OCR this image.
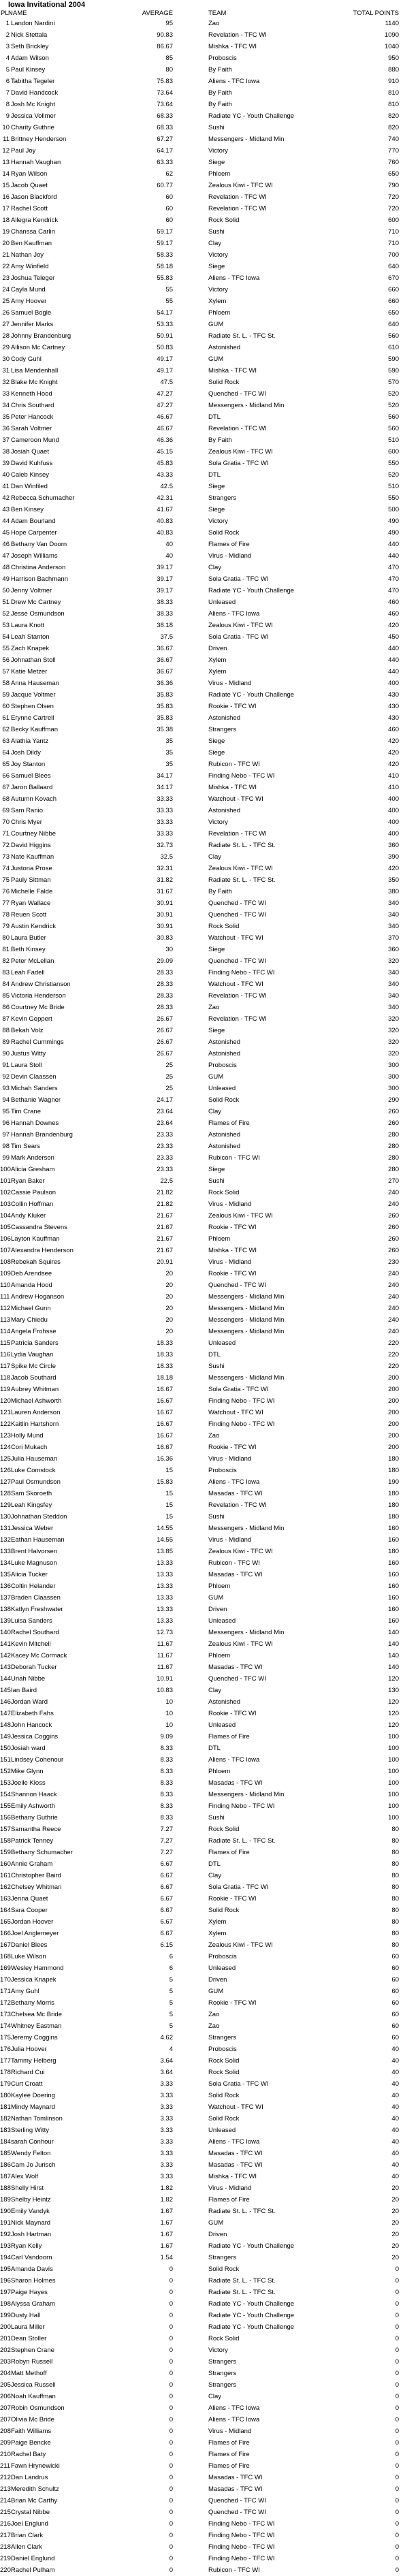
Iowa Invitational 2004
PL NAME	AVERAGE	TEAM	TOTAL POINTS
1 Landon Nardini	95	Zao	1140
2 Nick Stettala	90.83	Revelation - TFC WI	1090
3 Seth Brickley	86.67	Mishka - TFC WI	1040
4 Adam Wilson	85	Proboscis	950
5 Paul Kinsey	80	By Faith	880
6 Tabitha Tegeler	75.83	Aliens - TFC Iowa	910
7 David Handcock	73.64	By Faith	810
8 Josh Mc Knight	73.64	By Faith	810
9 Jessica Vollmer	68.33	Radiate YC - Youth Challenge	820
10 Charity Guthrie	68.33	Sushi	820
11 Brittney Henderson	67.27	Messengers - Midland Min	740
12 Paul Joy	64.17	Victory	770
13 Hannah Vaughan	63.33	Siege	760
14 Ryan Wilson	62	Phloem	650
15 Jacob Quaet	60.77	Zealous Kiwi - TFC WI	790
16 Jason Blackford	60	Revelation - TFC WI	720
17 Rachel Scott	60	Revelation - TFC WI	720
18 Allegra Kendrick	60	Rock Solid	600
19 Chanssa Carlin	59.17	Sushi	710
20 Ben Kauffman	59.17	Clay	710
21 Nathan Joy	58.33	Victory	700
22 Amy Winfield	58.18	Siege	640
23 Joshua Teleger	55.83	Aliens - TFC Iowa	670
24 Cayla Mund	55	Victory	660
25 Amy Hoover	55	Xylem	660
26 Samuel Bogle	54.17	Phloem	650
27 Jennifer Marks	53.33	GUM	640
28 Johnny Brandenburg	50.91	Radiate St. L. - TFC St.	560
29 Allison Mc Cartney	50.83	Astonished	610
30 Cody Guhl	49.17	GUM	590
31 Lisa Mendenhall	49.17	Mishka - TFC WI	590
32 Blake Mc Knight	47.5	Solid Rock	570
33 Kenneth Hood	47.27	Quenched - TFC WI	520
34 Chris Southard	47.27	Messengers - Midland Min	520
35 Peter Hancock	46.67	DTL	560
36 Sarah Voltmer	46.67	Revelation - TFC WI	560
37 Cameroon Mund	46.36	By Faith	510
38 Josiah Quaet	45.15	Zealous Kiwi - TFC WI	600
39 David Kuhfuss	45.83	Sola Gratia - TFC WI	550
40 Caleb Kinsey	43.33	DTL	520
41 Dan Winfiled	42.5	Siege	510
42 Rebecca Schumacher	42.31	Strangers	550
43 Ben Kinsey	41.67	Siege	500
44 Adam Bourland	40.83	Victory	490
45 Hope Carpenter	40.83	Solid Rock	490
46 Bethany Van Doorn	40	Flames of Fire	440
47 Joseph Williams	40	Virus - Midland	440
48 Christina Anderson	39.17	Clay	470
49 Harrison Bachmann	39.17	Sola Gratia - TFC WI	470
50 Jenny Voltmer	39.17	Radiate YC - Youth Challenge	470
51 Drew Mc Cartney	38.33	Unleased	460
52 Jesse Osmundson	38.33	Aliens - TFC Iowa	460
53 Laura Knott	38.18	Zealous Kiwi - TFC WI	420
54 Leah Stanton	37.5	Sola Gratia - TFC WI	450
55 Zach Knapek	36.67	Driven	440
56 Johnathan Stoll	36.67	Xylem	440
57 Katie Metzer	36.67	Xylem	440
58 Anna Hauseman	36.36	Virus - Midland	400
59 Jacque Voltmer	35.83	Radiate YC - Youth Challenge	430
60 Stephen Olsen	35.83	Rookie - TFC WI	430
61 Erynne Cartrell	35.83	Astonished	430
62 Becky Kauffman	35.38	Strangers	460
63 Alathia Yantz	35	Siege	420
64 Josh Dildy	35	Siege	420
65 Joy Stanton	35	Rubicon - TFC WI	420
66 Samuel Blees	34.17	Finding Nebo - TFC WI	410
67 Jaron Ballaard	34.17	Mishka - TFC WI	410
68 Autumn Kovach	33.33	Watchout - TFC WI	400
69 Sam Ranio	33.33	Astonished	400
70 Chris Myer	33.33	Victory	400
71 Courtney Nibbe	33.33	Revelation - TFC WI	400
72 David Higgins	32.73	Radiate St. L. - TFC St.	360
73 Nate Kauffman	32.5	Clay	390
74 Justona Prose	32.31	Zealous Kiwi - TFC WI	420
75 Pauly Sittman	31.82	Radiate St. L. - TFC St.	350
76 Michelle Falde	31.67	By Faith	380
77 Ryan Wallace	30.91	Quenched - TFC WI	340
78 Reuen Scott	30.91	Quenched - TFC WI	340
79 Austin Kendrick	30.91	Rock Solid	340
80 Laura Butler	30.83	Watchout - TFC WI	370
81 Beth Kinsey	30	Siege	360
82 Peter McLellan	29.09	Quenched - TFC WI	320
83 Leah Fadell	28.33	Finding Nebo - TFC WI	340
84 Andrew Christianson	28.33	Watchout - TFC WI	340
85 Victoria Henderson	28.33	Revelation - TFC WI	340
86 Courtney Mc Bride	28.33	Zao	340
87 Kevin Geppert	26.67	Revelation - TFC WI	320
88 Bekah Volz	26.67	Siege	320
89 Rachel Cummings	26.67	Astonished	320
90 Justus Witty	26.67	Astonished	320
91 Laura Stoll	25	Proboscis	300
92 Devin Claassen	25	GUM	300
93 Michah Sanders	25	Unleased	300
94 Bethanie Wagner	24.17	Solid Rock	290
95 Tim Crane	23.64	Clay	260
96 Hannah Downes	23.64	Flames of Fire	260
97 Hannah Brandenburg	23.33	Astonished	280
98 Tim Sears	23.33	Astonished	280
99 Mark Anderson	23.33	Rubicon - TFC WI	280
100 Alicia Gresham	23.33	Siege	280
101 Ryan Baker	22.5	Sushi	270
102 Cassie Paulson	21.82	Rock Solid	240
103 Collin Hoffman	21.82	Virus - Midland	240
104 Andy Kluker	21.67	Zealous Kiwi - TFC WI	260
105 Cassandra Stevens	21.67	Rookie - TFC WI	260
106 Layton Kauffman	21.67	Phloem	260
107 Alexandra Henderson	21.67	Mishka - TFC WI	260
108 Rebekah Squires	20.91	Virus - Midland	230
109 Deb Arendsee	20	Rookie - TFC WI	240
110 Amanda Hood	20	Quenched - TFC WI	240
111 Andrew Hoganson	20	Messengers - Midland Min	240
112 Michael Gunn	20	Messengers - Midland Min	240
113 Mary Chiedu	20	Messengers - Midland Min	240
114 Angela Frohsse	20	Messengers - Midland Min	240
115 Patricia Sanders	18.33	Unleased	220
116 Lydia Vaughan	18.33	DTL	220
117 Spike Mc Circle	18.33	Sushi	220
118 Jacob Southard	18.18	Messengers - Midland Min	200
119 Aubrey Whitman	16.67	Sola Gratia - TFC WI	200
120 Michael Ashworth	16.67	Finding Nebo - TFC WI	200
121 Lauren Anderson	16.67	Watchout - TFC WI	200
122 Kaitlin Hartshorn	16.67	Finding Nebo - TFC WI	200
123 Holly Mund	16.67	Zao	200
124 Cori Mukach	16.67	Rookie - TFC WI	200
125 Julia Hauseman	16.36	Virus - Midland	180
126 Luke Comstock	15	Proboscis	180
127 Paul Osmundson	15.83	Aliens - TFC Iowa	190
128 Sam Skoroeth	15	Masadas - TFC WI	180
129 Leah Kingsfey	15	Revelation - TFC WI	180
130 Johnathan Steddon	15	Sushi	180
131 Jessica Weber	14.55	Messengers - Midland Min	160
132 Eathan Hauseman	14.55	Virus - Midland	160
133 Brent Halvorsen	13.85	Zealous Kiwi - TFC WI	180
134 Luke Magnuson	13.33	Rubicon - TFC WI	160
135 Alicia Tucker	13.33	Masadas - TFC WI	160
136 Coltin Helander	13.33	Phloem	160
137 Braden Claassen	13.33	GUM	160
138 Katlyn Freshwater	13.33	Driven	160
139 Luisa Sanders	13.33	Unleased	160
140 Rachel Southard	12.73	Messengers - Midland Min	140
141 Kevin Mitchell	11.67	Zealous Kiwi - TFC WI	140
142 Kacey Mc Cormack	11.67	Phloem	140
143 Deborah Tucker	11.67	Masadas - TFC WI	140
144 Uriah Nibbe	10.91	Quenched - TFC WI	120
145 Ian Baird	10.83	Clay	130
146 Jordan Ward	10	Astonished	120
147 Elizabeth Fahs	10	Rookie - TFC WI	120
148 John Hancock	10	Unleased	120
149 Jessica Coggins	9.09	Flames of Fire	100
150 Josiah ward	8.33	DTL	100
151 Lindsey Cohenour	8.33	Aliens - TFC Iowa	100
152 Mike Glynn	8.33	Phloem	100
153 Joelle Kloss	8.33	Masadas - TFC WI	100
154 Shannon Haack	8.33	Messengers - Midland Min	100
155 Emily Ashworth	8.33	Finding Nebo - TFC WI	100
156 Bethany Guthrie	8.33	Sushi	100
157 Samantha Reece	7.27	Rock Solid	80
158 Patrick Tenney	7.27	Radiate St. L. - TFC St.	80
159 Bethany Schumacher	7.27	Flames of Fire	80
160 Annie Graham	6.67	DTL	80
161 Christopher Baird	6.67	Clay	80
162 Chelsey Whitman	6.67	Sola Gratia - TFC WI	80
163 Jenna Quaet	6.67	Rookie - TFC WI	80
164 Sara Cooper	6.67	Solid Rock	80
165 Jordan Hoover	6.67	Xylem	80
166 Joel Anglemeyer	6.67	Xylem	80
167 Daniel Blees	6.15	Zealous Kiwi - TFC WI	80
168 Luke Wilson	6	Proboscis	60
169 Wesley Hammond	6	Unleased	60
170 Jessica Knapek	5	Driven	60
171 Amy Guhl	5	GUM	60
172 Bethany Morris	5	Rookie - TFC WI	60
173 Chelsea Mc Bride	5	Zao	60
174 Whitney Eastman	5	Zao	60
175 Jeremy Coggins	4.62	Strangers	60
176 Julia Hoover	4	Proboscis	40
177 Tammy Helberg	3.64	Rock Solid	40
178 Richard Cui	3.64	Rock Solid	40
179 Curt Croatt	3.33	Sola Gratia - TFC WI	40
180 Kaylee Doering	3.33	Solid Rock	40
181 Mindy Maynard	3.33	Watchout - TFC WI	40
182 Nathan Tomlinson	3.33	Solid Rock	40
183 Sterling Witty	3.33	Unleased	40
184 sarah Conhour	3.33	Aliens - TFC Iowa	40
185 Wendy Felton	3.33	Masadas - TFC WI	40
186 Cam Jo Jurisch	3.33	Masadas - TFC WI	40
187 Alex Wolf	3.33	Mishka - TFC WI	40
188 Shelly Hirst	1.82	Virus - Midland	20
189 Shelby Heintz	1.82	Flames of Fire	20
190 Emily Vandyk	1.67	Radiate St. L. - TFC St.	20
191 Nick Maynard	1.67	GUM	20
192 Josh Hartman	1.67	Driven	20
193 Ryan Kelly	1.67	Radiate YC - Youth Challenge	20
194 Carl Vandoorn	1.54	Strangers	20
195 Amanda Davis	0	Solid Rock	0
196 Sharon Holmes	0	Radiate St. L. - TFC St.	0
197 Paige Hayes	0	Radiate St. L. - TFC St.	0
198 Alyssa Graham	0	Radiate YC - Youth Challenge	0
199 Dusty Hall	0	Radiate YC - Youth Challenge	0
200 Laura Miller	0	Radiate YC - Youth Challenge	0
201 Dean Stoller	0	Rock Solid	0
202 Stephen Crane	0	Victory	0
203 Robyn Russell	0	Strangers	0
204 Matt Methoff	0	Strangers	0
205 Jessica Russell	0	Strangers	0
206 Noah Kauffman	0	Clay	0
207 Robin Osmundson	0	Aliens - TFC Iowa	0
207 Olivia Mc Bride	0	Aliens - TFC Iowa	0
208 Faith Williams	0	Virus - Midland	0
209 Paige Bencke	0	Flames of Fire	0
210 Rachel Baty	0	Flames of Fire	0
211 Fawn Hrynewicki	0	Flames of Fire	0
212 Dan Landrus	0	Masadas - TFC WI	0
213 Meredith Schultz	0	Masadas - TFC WI	0
214 Brian Mc Carthy	0	Quenched - TFC WI	0
215 Crystal Nibbe	0	Quenched - TFC WI	0
216 Joel Englund	0	Finding Nebo - TFC WI	0
217 Brian Clark	0	Finding Nebo - TFC WI	0
218 Allen Clark	0	Finding Nebo - TFC WI	0
219 Daniel Englund	0	Finding Nebo - TFC WI	0
220 Rachel Pulham	0	Rubicon - TFC WI	0
